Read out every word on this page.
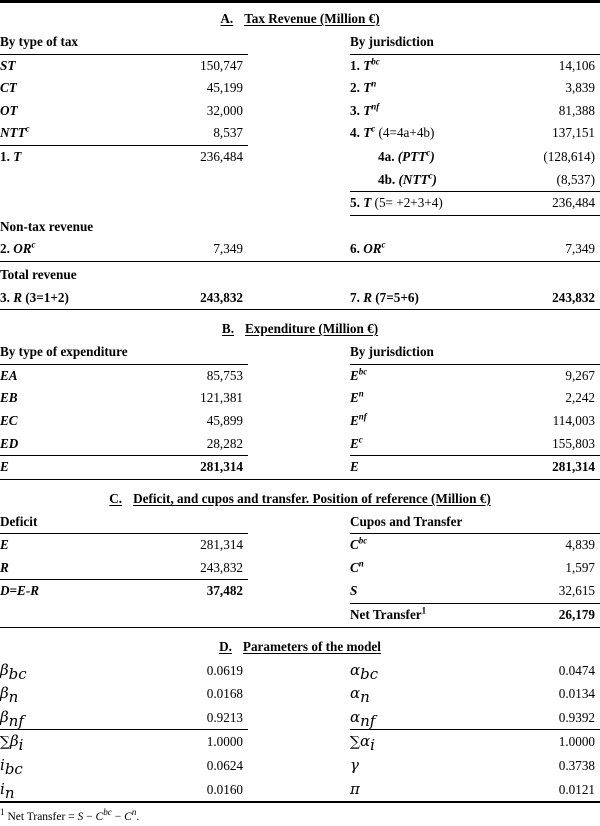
A. Tax Revenue (Million €)				
By type of tax			By jurisdiction	
ST	150,747		1. $T^{bc}$	14,106
CT	45,199		2. $T^n$	3,839
OT	32,000		3. $T^{nf}$	81,388
NTT$^c$	8,537		4. $T^c$ (4=4a+4b)	137,151
1. T	236,484		4a. (PTT$^c$)	(128,614)
			4b. (NTT$^c$)	(8,537)
			5. T (5= +2+3+4)	236,484

Non-tax revenue				
2. $OR^c$	7,349		6. $OR^c$	7,349

Total revenue				
3. R (3=1+2)	243,832		7. R (7=5+6)	243,832

B. Expenditure (Million €)				
By type of expenditure			By jurisdiction	
EA	85,753		$E^{bc}$	9,267
EB	121,381		$E^n$	2,242
EC	45,899		$E^{nf}$	114,003
ED	28,282		$E^c$	155,803
E	281,314		E	281,314

C. Deficit, and cupos and transfer. Position of reference (Million €)				
Deficit			Cupos and Transfer	
E	281,314		$C^{bc}$	4,839
R	243,832		$C^n$	1,597
D=E-R	37,482		S	32,615
			Net Transfer$^1$	26,179

D. Parameters of the model				
$\beta_{bc}$	0.0619		$\alpha_{bc}$	0.0474
$\beta_n$	0.0168		$\alpha_n$	0.0134
$\beta_{nf}$	0.9213		$\alpha_{nf}$	0.9392
$\sum\beta_i$	1.0000		$\sum\alpha_i$	1.0000

$i_{bc}$	0.0624		γ	0.3738
$i_n$	0.0160		π	0.0121

$^1$ Net Transfer = $S - C^{bc} - C^n$.				
